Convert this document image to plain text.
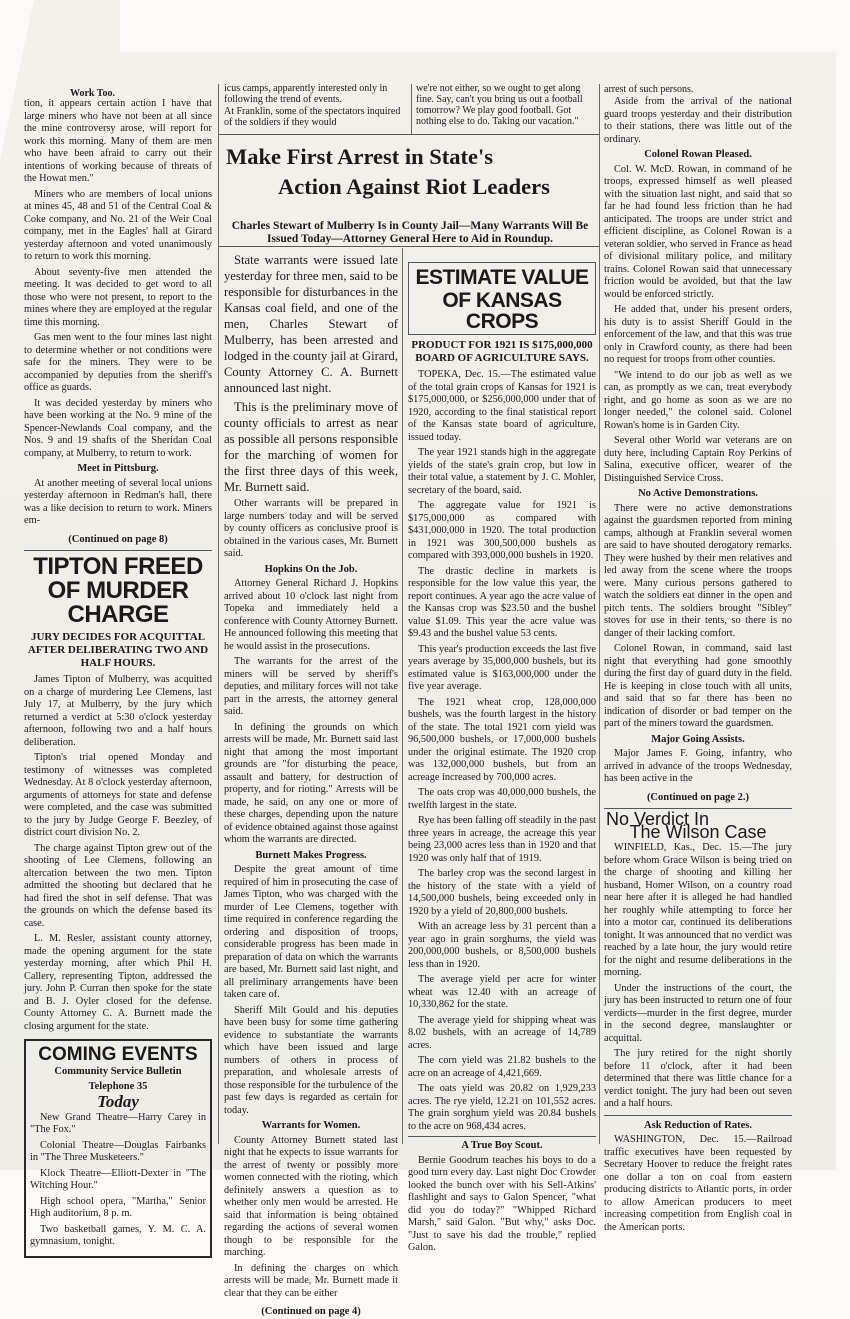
Work Too.	icus camps, apparently interested only in following the trend of events.
At Franklin, some of the spectators inquired of the soldiers if they would
we're not either, so we ought to get along fine. Say, can't you bring us out a football tomorrow? We play good football. Got nothing else to do. Taking our vacation."
arrest of such persons.

tion, it appears certain action I have that large miners who have not been at all since the mine controversy arose, will report for work this morning. Many of them are men who have been afraid to carry out their intentions of working because of threats of the Howat men."

Miners who are members of local unions at mines 45, 48 and 51 of the Central Coal & Coke company, and No. 21 of the Weir Coal company, met in the Eagles' hall at Girard yesterday afternoon and voted unanimously to return to work this morning.

About seventy-five men attended the meeting. It was decided to get word to all those who were not present, to report to the mines where they are employed at the regular time this morning.

Gas men went to the four mines last night to determine whether or not conditions were safe for the miners. They were to be accompanied by deputies from the sheriff's office as guards.

It was decided yesterday by miners who have been working at the No. 9 mine of the Spencer-Newlands Coal company, and the Nos. 9 and 19 shafts of the Sheridan Coal company, at Mulberry, to return to work.

Meet in Pittsburg.

At another meeting of several local unions yesterday afternoon in Redman's hall, there was a like decision to return to work. Miners em-

(Continued on page 8)
TIPTON FREED OF MURDER CHARGE
JURY DECIDES FOR ACQUITTAL AFTER DELIBERATING TWO AND HALF HOURS.

James Tipton of Mulberry, was acquitted on a charge of murdering Lee Clemens, last July 17, at Mulberry, by the jury which returned a verdict at 5:30 o'clock yesterday afternoon, following two and a half hours deliberation.

Tipton's trial opened Monday and testimony of witnesses was completed Wednesday. At 8 o'clock yesterday afternoon, arguments of attorneys for state and defense were completed, and the case was submitted to the jury by Judge George F. Beezley, of district court division No. 2.

The charge against Tipton grew out of the shooting of Lee Clemens, following an altercation between the two men. Tipton admitted the shooting but declared that he had fired the shot in self defense. That was the grounds on which the defense based its case.

L. M. Resler, assistant county attorney, made the opening argument for the state yesterday morning, after which Phil H. Callery, representing Tipton, addressed the jury. John P. Curran then spoke for the state and B. J. Oyler closed for the defense. County Attorney C. A. Burnett made the closing argument for the state.

COMING EVENTS
Community Service Bulletin
Telephone 35
Today

New Grand Theatre—Harry Carey in "The Fox."

Colonial Theatre—Douglas Fairbanks in "The Three Musketeers."

Klock Theatre—Elliott-Dexter in "The Witching Hour."

High school opera, "Martha," Senior High auditorium, 8 p. m.

Two basketball games, Y. M. C. A. gymnasium, tonight.

Make First Arrest in State's
Action Against Riot Leaders
Charles Stewart of Mulberry Is in County Jail—Many Warrants Will Be Issued Today—Attorney General Here to Aid in Roundup.

State warrants were issued late yesterday for three men, said to be responsible for disturbances in the Kansas coal field, and one of the men, Charles Stewart of Mulberry, has been arrested and lodged in the county jail at Girard, County Attorney C. A. Burnett announced last night.

This is the preliminary move of county officials to arrest as near as possible all persons responsible for the marching of women for the first three days of this week, Mr. Burnett said.

Other warrants will be prepared in large numbers today and will be served by county officers as conclusive proof is obtained in the various cases, Mr. Burnett said.

Hopkins On the Job.

Attorney General Richard J. Hopkins arrived about 10 o'clock last night from Topeka and immediately held a conference with County Attorney Burnett. He announced following this meeting that he would assist in the prosecutions.

The warrants for the arrest of the miners will be served by sheriff's deputies, and military forces will not take part in the arrests, the attorney general said.

In defining the grounds on which arrests will be made, Mr. Burnett said last night that among the most important grounds are "for disturbing the peace, assault and battery, for destruction of property, and for rioting." Arrests will be made, he said, on any one or more of these charges, depending upon the nature of evidence obtained against those against whom the warrants are directed.

Burnett Makes Progress.

Despite the great amount of time required of him in prosecuting the case of James Tipton, who was charged with the murder of Lee Clemens, together with time required in conference regarding the ordering and disposition of troops, considerable progress has been made in preparation of data on which the warrants are based, Mr. Burnett said last night, and all preliminary arrangements have been taken care of.

Sheriff Milt Gould and his deputies have been busy for some time gathering evidence to substantiate the warrants which have been issued and large numbers of others in process of preparation, and wholesale arrests of those responsible for the turbulence of the past few days is regarded as certain for today.

Warrants for Women.

County Attorney Burnett stated last night that he expects to issue warrants for the arrest of twenty or possibly more women connected with the rioting, which definitely answers a question as to whether only men would be arrested. He said that information is being obtained regarding the actions of several women though to be responsible for the marching.

In defining the charges on which arrests will be made, Mr. Burnett made it clear that they can be either

(Continued on page 4)
ESTIMATE VALUE
OF KANSAS CROPS
PRODUCT FOR 1921 IS $175,000,000 BOARD OF AGRICULTURE SAYS.

TOPEKA, Dec. 15.—The estimated value of the total grain crops of Kansas for 1921 is $175,000,000, or $256,000,000 under that of 1920, according to the final statistical report of the Kansas state board of agriculture, issued today.

The year 1921 stands high in the aggregate yields of the state's grain crop, but low in their total value, a statement by J. C. Mohler, secretary of the board, said.

The aggregate value for 1921 is $175,000,000 as compared with $431,000,000 in 1920. The total production in 1921 was 300,500,000 bushels as compared with 393,000,000 bushels in 1920.

The drastic decline in markets is responsible for the low value this year, the report continues. A year ago the acre value of the Kansas crop was $23.50 and the bushel value $1.09. This year the acre value was $9.43 and the bushel value 53 cents.

This year's production exceeds the last five years average by 35,000,000 bushels, but its estimated value is $163,000,000 under the five year average.

The 1921 wheat crop, 128,000,000 bushels, was the fourth largest in the history of the state. The total 1921 corn yield was 96,500,000 bushels, or 17,000,000 bushels under the original estimate. The 1920 crop was 132,000,000 bushels, but from an acreage increased by 700,000 acres.

The oats crop was 40,000,000 bushels, the twelfth largest in the state.

Rye has been falling off steadily in the past three years in acreage, the acreage this year being 23,000 acres less than in 1920 and that 1920 was only half that of 1919.

The barley crop was the second largest in the history of the state with a yield of 14,500,000 bushels, being exceeded only in 1920 by a yield of 20,800,000 bushels.

With an acreage less by 31 percent than a year ago in grain sorghums, the yield was 200,000,000 bushels, or 8,500,000 bushels less than in 1920.

The average yield per acre for winter wheat was 12.40 with an acreage of 10,330,862 for the state.

The average yield for shipping wheat was 8.02 bushels, with an acreage of 14,789 acres.

The corn yield was 21.82 bushels to the acre on an acreage of 4,421,669.

The oats yield was 20.82 on 1,929,233 acres. The rye yield, 12.21 on 101,552 acres. The grain sorghum yield was 20.84 bushels to the acre on 968,434 acres.

A True Boy Scout.

Bernie Goodrum teaches his boys to do a good turn every day. Last night Doc Crowder looked the bunch over with his Sell-Atkins' flashlight and says to Galon Spencer, "what did you do today?" "Whipped Richard Marsh," said Galon. "But why," asks Doc. "Just to save his dad the trouble," replied Galon.

Aside from the arrival of the national guard troops yesterday and their distribution to their stations, there was little out of the ordinary.

Colonel Rowan Pleased.

Col. W. McD. Rowan, in command of he troops, expressed himself as well pleased with the situation last night, and said that so far he had found less friction than he had anticipated. The troops are under strict and efficient discipline, as Colonel Rowan is a veteran soldier, who served in France as head of divisional military police, and military trains. Colonel Rowan said that unnecessary friction would be avoided, but that the law would be enforced strictly.

He added that, under his present orders, his duty is to assist Sheriff Gould in the enforcement of the law, and that this was true only in Crawford county, as there had been no request for troops from other counties.

"We intend to do our job as well as we can, as promptly as we can, treat everybody right, and go home as soon as we are no longer needed," the colonel said. Colonel Rowan's home is in Garden City.

Several other World war veterans are on duty here, including Captain Roy Perkins of Salina, executive officer, wearer of the Distinguished Service Cross.

No Active Demonstrations.

There were no active demonstrations against the guardsmen reported from mining camps, although at Franklin several women are said to have shouted derogatory remarks. They were hushed by their men relatives and led away from the scene where the troops were. Many curious persons gathered to watch the soldiers eat dinner in the open and pitch tents. The soldiers brought "Sibley" stoves for use in their tents, so there is no danger of their lacking comfort.

Colonel Rowan, in command, said last night that everything had gone smoothly during the first day of guard duty in the field. He is keeping in close touch with all units, and said that so far there has been no indication of disorder or bad temper on the part of the miners toward the guardsmen.

Major Going Assists.

Major James F. Going, infantry, who arrived in advance of the troops Wednesday, has been active in the

(Continued on page 2.)
No Verdict In
The Wilson Case

WINFIELD, Kas., Dec. 15.—The jury before whom Grace Wilson is being tried on the charge of shooting and killing her husband, Homer Wilson, on a country road near here after it is alleged he had handled her roughly while attempting to force her into a motor car, continued its deliberations tonight. It was announced that no verdict was reached by a late hour, the jury would retire for the night and resume deliberations in the morning.

Under the instructions of the court, the jury has been instructed to return one of four verdicts—murder in the first degree, murder in the second degree, manslaughter or acquittal.

The jury retired for the night shortly before 11 o'clock, after it had been determined that there was little chance for a verdict tonight. The jury had been out seven and a half hours.

Ask Reduction of Rates.

WASHINGTON, Dec. 15.—Railroad traffic executives have been requested by Secretary Hoover to reduce the freight rates one dollar a ton on coal from eastern producing districts to Atlantic ports, in order to allow American producers to meet increasing competition from English coal in the American ports.
